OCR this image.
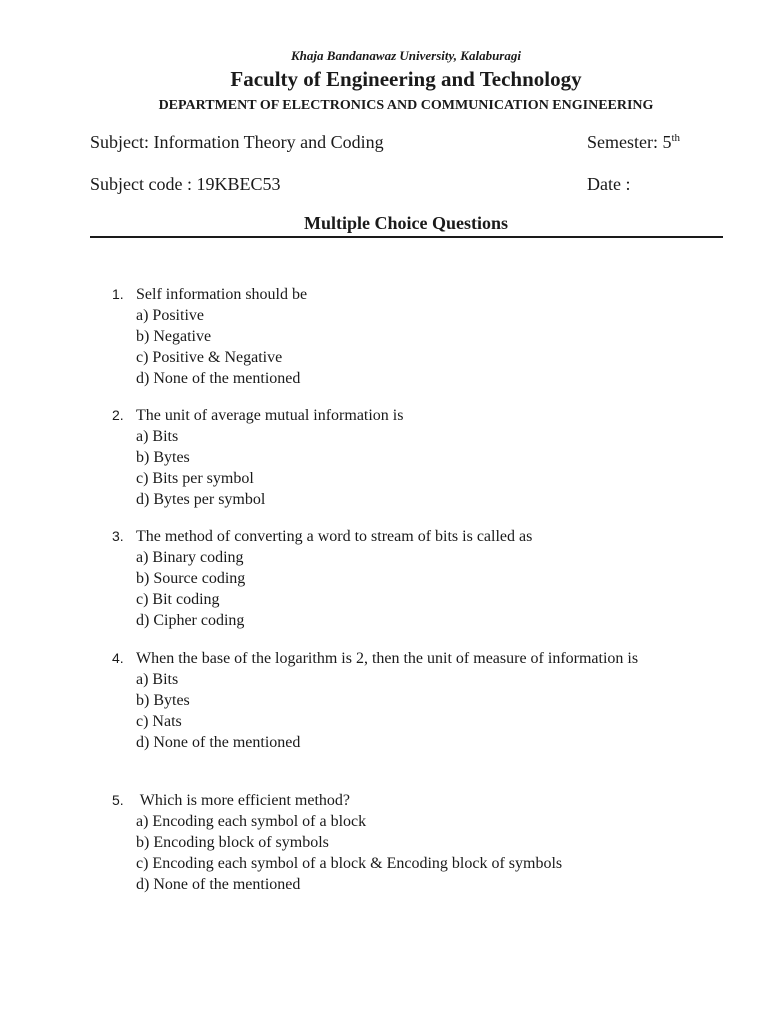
Khaja Bandanawaz University, Kalaburagi
Faculty of Engineering and Technology
DEPARTMENT OF ELECTRONICS AND COMMUNICATION ENGINEERING
Subject: Information Theory and Coding	Semester: 5th
Subject code : 19KBEC53	Date :
Multiple Choice Questions
1. Self information should be
a) Positive
b) Negative
c) Positive & Negative
d) None of the mentioned
2. The unit of average mutual information is
a) Bits
b) Bytes
c) Bits per symbol
d) Bytes per symbol
3. The method of converting a word to stream of bits is called as
a) Binary coding
b) Source coding
c) Bit coding
d) Cipher coding
4. When the base of the logarithm is 2, then the unit of measure of information is
a) Bits
b) Bytes
c) Nats
d) None of the mentioned
5. Which is more efficient method?
a) Encoding each symbol of a block
b) Encoding block of symbols
c) Encoding each symbol of a block & Encoding block of symbols
d) None of the mentioned
